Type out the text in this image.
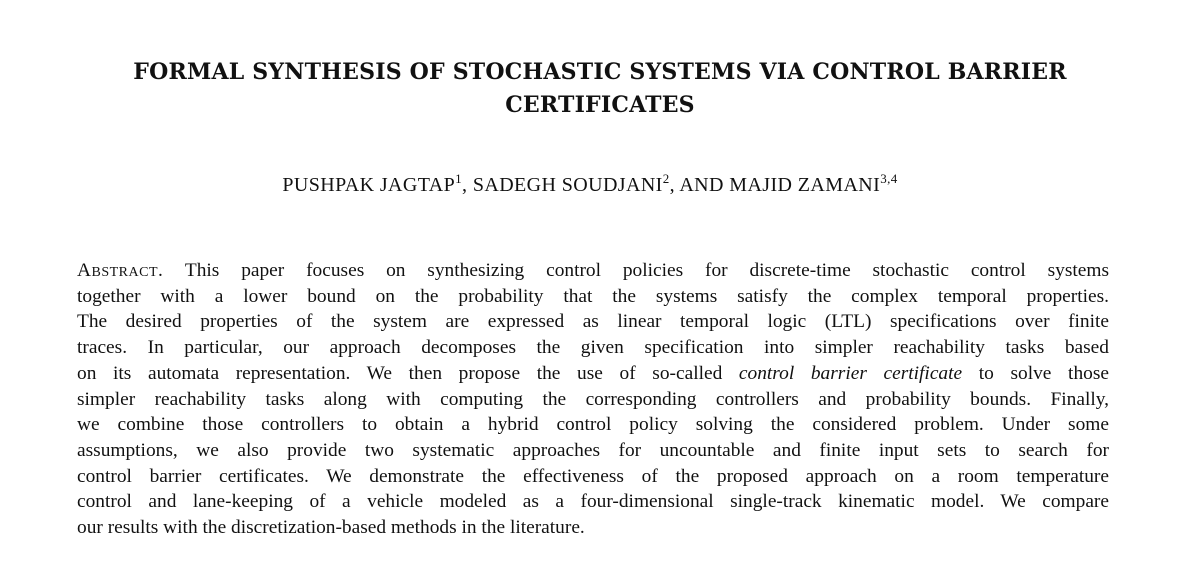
FORMAL SYNTHESIS OF STOCHASTIC SYSTEMS VIA CONTROL BARRIER
CERTIFICATES
PUSHPAK JAGTAP$^1$, SADEGH SOUDJANI$^2$, AND MAJID ZAMANI$^{3,4}$
Abstract. This paper focuses on synthesizing control policies for discrete-time stochastic control systems
together with a lower bound on the probability that the systems satisfy the complex temporal properties.
The desired properties of the system are expressed as linear temporal logic (LTL) specifications over finite
traces. In particular, our approach decomposes the given specification into simpler reachability tasks based
on its automata representation. We then propose the use of so-called control barrier certificate to solve those
simpler reachability tasks along with computing the corresponding controllers and probability bounds. Finally,
we combine those controllers to obtain a hybrid control policy solving the considered problem. Under some
assumptions, we also provide two systematic approaches for uncountable and finite input sets to search for
control barrier certificates. We demonstrate the effectiveness of the proposed approach on a room temperature
control and lane-keeping of a vehicle modeled as a four-dimensional single-track kinematic model. We compare
our results with the discretization-based methods in the literature.
